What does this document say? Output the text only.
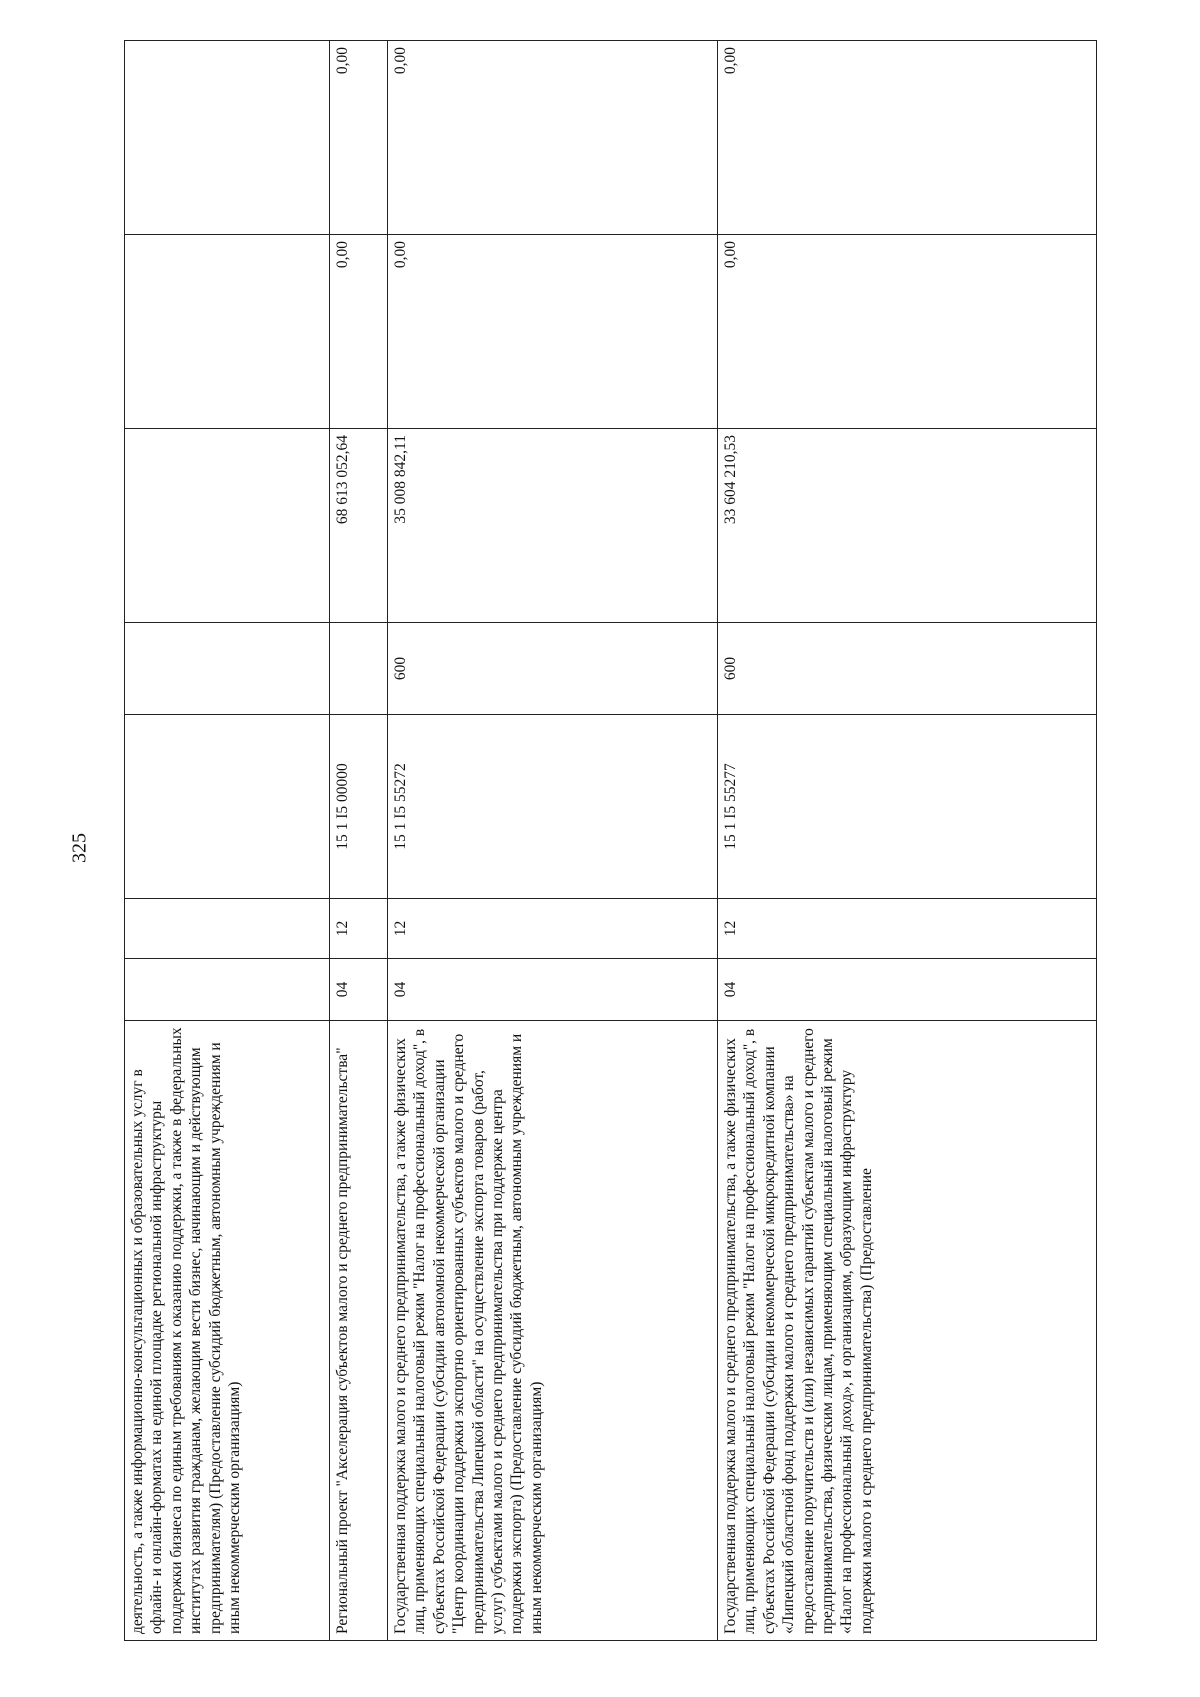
325
деятельность, а также информационно-консультационных и образовательных услуг в офлайн- и онлайн-форматах на единой площадке региональной инфраструктуры поддержки бизнеса по единым требованиям к оказанию поддержки, а также в федеральных институтах развития гражданам, желающим вести бизнес, начинающим и действующим предпринимателям) (Предоставление субсидий бюджетным, автономным учреждениям и иным некоммерческим организациям)							
Региональный проект "Акселерация субъектов малого и среднего предпринимательства"	04	12	15 1 I5 00000		68 613 052,64	0,00	0,00
Государственная поддержка малого и среднего предпринимательства, а также физических лиц, применяющих специальный налоговый режим "Налог на профессиональный доход", в субъектах Российской Федерации (субсидии автономной некоммерческой организации "Центр координации поддержки экспортно ориентированных субъектов малого и среднего предпринимательства Липецкой области" на осуществление экспорта товаров (работ, услуг) субъектами малого и среднего предпринимательства при поддержке центра поддержки экспорта) (Предоставление субсидий бюджетным, автономным учреждениям и иным некоммерческим организациям)	04	12	15 1 I5 55272	600	35 008 842,11	0,00	0,00
Государственная поддержка малого и среднего предпринимательства, а также физических лиц, применяющих специальный налоговый режим "Налог на профессиональный доход", в субъектах Российской Федерации (субсидии некоммерческой микрокредитной компании «Липецкий областной фонд поддержки малого и среднего предпринимательства» на предоставление поручительств и (или) независимых гарантий субъектам малого и среднего предпринимательства, физическим лицам, применяющим специальный налоговый режим «Налог на профессиональный доход», и организациям, образующим инфраструктуру поддержки малого и среднего предпринимательства) (Предоставление	04	12	15 1 I5 55277	600	33 604 210,53	0,00	0,00
